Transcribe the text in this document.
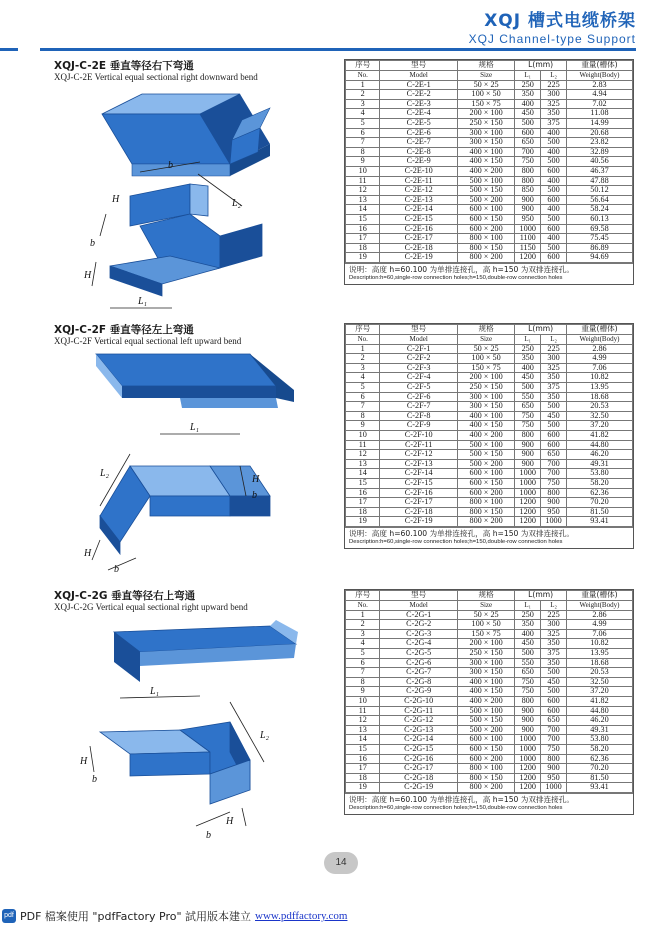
XQJ 槽式电缆桥架
XQJ Channel-type Support
XQJ-C-2E 垂直等径右下弯通
XQJ-C-2E Vertical equal sectional right downward bend
b
H	L₂
b
H
L₁
序号	型号	规格	L(mm)		重量(槽体)
No.	Model	Size	L₁	L₂	Weight(Body)
1	C-2E-1	50 × 25	250	225	2.83
2	C-2E-2	100 × 50	350	300	4.94
3	C-2E-3	150 × 75	400	325	7.02
4	C-2E-4	200 × 100	450	350	11.08
5	C-2E-5	250 × 150	500	375	14.99
6	C-2E-6	300 × 100	600	400	20.68
7	C-2E-7	300 × 150	650	500	23.82
8	C-2E-8	400 × 100	700	400	32.89
9	C-2E-9	400 × 150	750	500	40.56
10	C-2E-10	400 × 200	800	600	46.37
11	C-2E-11	500 × 100	800	400	47.88
12	C-2E-12	500 × 150	850	500	50.12
13	C-2E-13	500 × 200	900	600	56.64
14	C-2E-14	600 × 100	900	400	58.24
15	C-2E-15	600 × 150	950	500	60.13
16	C-2E-16	600 × 200	1000	600	69.58
17	C-2E-17	800 × 100	1100	400	75.45
18	C-2E-18	800 × 150	1150	500	86.89
19	C-2E-19	800 × 200	1200	600	94.69
说明：高度 h=60.100 为单排连接孔，高 h=150 为双排连接孔。
Description:h=60,single-row connection holes;h=150,double-row connection holes
XQJ-C-2F 垂直等径左上弯通
XQJ-C-2F Vertical equal sectional left upward bend
L₁
L₂
H
b
H
b
序号	型号	规格	L(mm)		重量(槽体)
No.	Model	Size	L₁	L₂	Weight(Body)
1	C-2F-1	50 × 25	250	225	2.86
2	C-2F-2	100 × 50	350	300	4.99
3	C-2F-3	150 × 75	400	325	7.06
4	C-2F-4	200 × 100	450	350	10.82
5	C-2F-5	250 × 150	500	375	13.95
6	C-2F-6	300 × 100	550	350	18.68
7	C-2F-7	300 × 150	650	500	20.53
8	C-2F-8	400 × 100	750	450	32.50
9	C-2F-9	400 × 150	750	500	37.20
10	C-2F-10	400 × 200	800	600	41.82
11	C-2F-11	500 × 100	900	600	44.80
12	C-2F-12	500 × 150	900	650	46.20
13	C-2F-13	500 × 200	900	700	49.31
14	C-2F-14	600 × 100	1000	700	53.80
15	C-2F-15	600 × 150	1000	750	58.20
16	C-2F-16	600 × 200	1000	800	62.36
17	C-2F-17	800 × 100	1200	900	70.20
18	C-2F-18	800 × 150	1200	950	81.50
19	C-2F-19	800 × 200	1200	1000	93.41
说明：高度 h=60.100 为单排连接孔，高 h=150 为双排连接孔。
Description:h=60,single-row connection holes;h=150,double-row connection holes
XQJ-C-2G 垂直等径右上弯通
XQJ-C-2G Vertical equal sectional right upward bend
L₁
L₂
H
b
H
b
序号	型号	规格	L(mm)		重量(槽体)
No.	Model	Size	L₁	L₂	Weight(Body)
1	C-2G-1	50 × 25	250	225	2.86
2	C-2G-2	100 × 50	350	300	4.99
3	C-2G-3	150 × 75	400	325	7.06
4	C-2G-4	200 × 100	450	350	10.82
5	C-2G-5	250 × 150	500	375	13.95
6	C-2G-6	300 × 100	550	350	18.68
7	C-2G-7	300 × 150	650	500	20.53
8	C-2G-8	400 × 100	750	450	32.50
9	C-2G-9	400 × 150	750	500	37.20
10	C-2G-10	400 × 200	800	600	41.82
11	C-2G-11	500 × 100	900	600	44.80
12	C-2G-12	500 × 150	900	650	46.20
13	C-2G-13	500 × 200	900	700	49.31
14	C-2G-14	600 × 100	1000	700	53.80
15	C-2G-15	600 × 150	1000	750	58.20
16	C-2G-16	600 × 200	1000	800	62.36
17	C-2G-17	800 × 100	1200	900	70.20
18	C-2G-18	800 × 150	1200	950	81.50
19	C-2G-19	800 × 200	1200	1000	93.41
说明：高度 h=60.100 为单排连接孔，高 h=150 为双排连接孔。
Description:h=60,single-row connection holes;h=150,double-row connection holes
14
pdf PDF 檔案使用 "pdfFactory Pro" 試用版本建立 www.pdffactory.com
